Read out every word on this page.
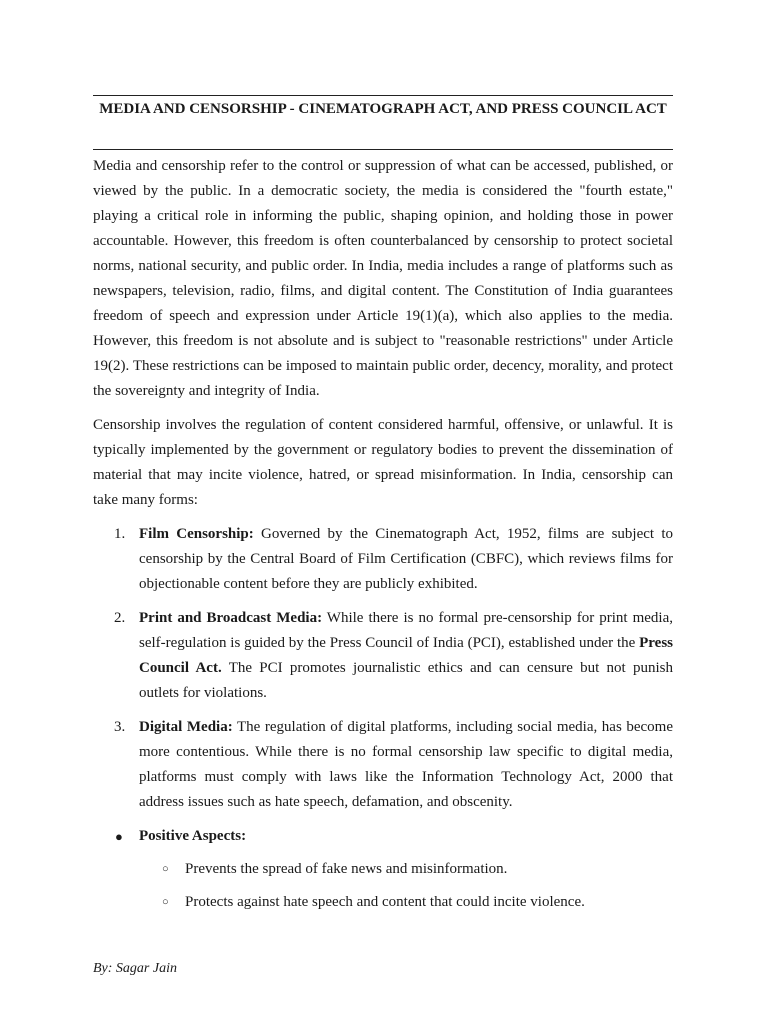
MEDIA AND CENSORSHIP - CINEMATOGRAPH ACT, AND PRESS COUNCIL ACT

Media and censorship refer to the control or suppression of what can be accessed, published, or viewed by the public. In a democratic society, the media is considered the "fourth estate," playing a critical role in informing the public, shaping opinion, and holding those in power accountable. However, this freedom is often counterbalanced by censorship to protect societal norms, national security, and public order. In India, media includes a range of platforms such as newspapers, television, radio, films, and digital content. The Constitution of India guarantees freedom of speech and expression under Article 19(1)(a), which also applies to the media. However, this freedom is not absolute and is subject to "reasonable restrictions" under Article 19(2). These restrictions can be imposed to maintain public order, decency, morality, and protect the sovereignty and integrity of India.

Censorship involves the regulation of content considered harmful, offensive, or unlawful. It is typically implemented by the government or regulatory bodies to prevent the dissemination of material that may incite violence, hatred, or spread misinformation. In India, censorship can take many forms:

1. Film Censorship: Governed by the Cinematograph Act, 1952, films are subject to censorship by the Central Board of Film Certification (CBFC), which reviews films for objectionable content before they are publicly exhibited.
2. Print and Broadcast Media: While there is no formal pre-censorship for print media, self-regulation is guided by the Press Council of India (PCI), established under the Press Council Act. The PCI promotes journalistic ethics and can censure but not punish outlets for violations.
3. Digital Media: The regulation of digital platforms, including social media, has become more contentious. While there is no formal censorship law specific to digital media, platforms must comply with laws like the Information Technology Act, 2000 that address issues such as hate speech, defamation, and obscenity.
● Positive Aspects:
○ Prevents the spread of fake news and misinformation.
○ Protects against hate speech and content that could incite violence.
By: Sagar Jain
